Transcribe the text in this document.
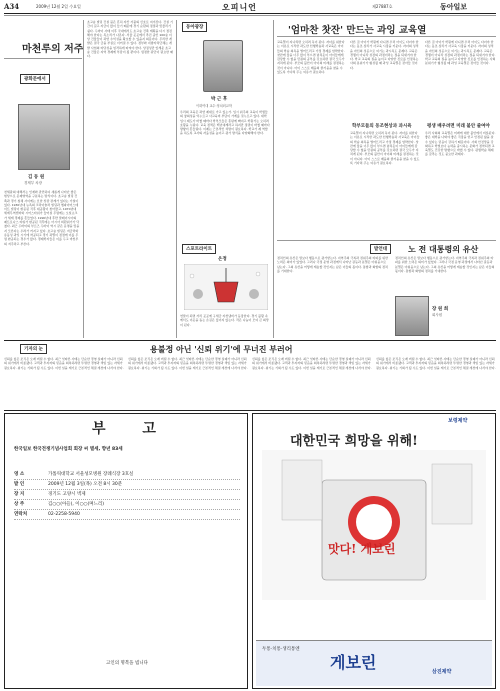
A34	2009년 12월 2일 수요일	오피니언	제27887호	동아일보
마천루의 저주
광화문에서
김 동 원
경제부 차장
천세판의 대해서는 인재와 관련하여 새롭게 나타난 좋은 현상으로 문제영역을 구분하는 방식이다. 초고층 빌딩 건축과 경기 침체 사이에는 묘한 상관 관계가 있다는 가설이 있다. 1930년대 뉴욕의 크라이슬러 빌딩과 엠파이어스테이트 빌딩이 완공된 직후 대공황이 찾아왔고, 1970년대 세계무역센터와 시어스타워가 들어설 무렵에는 오일쇼크가 세계 경제를 흔들었다. 1990년대 후반 말레이시아의 페트로나스 타워가 완공된 직후에는 아시아 외환위기가 닥쳤다. 최근 두바이의 부르즈 두바이 역시 같은 운명을 맞을지 모른다는 우려가 커지고 있다. 초고층 빌딩은 저금리와 유동성 과잉 시기에 착공되고 경기 과열이 정점에 이를 무렵 완공되는 경우가 많다. 경제학자들은 이를 두고 마천루의 저주라고 부른다.
초고층 빌딩 건설 붐은 흔히 자산 거품의 신호로 여겨진다. 건설 기간이 길고 자금이 많이 들기 때문에 경기 순환의 정점과 맞물리기 쉽다. 두바이 사태 이후 국내에서도 초고층 건축 계획을 다시 점검해야 한다는 목소리가 나온다. 서울 곳곳에서 추진 중인 100층 이상 건물들이 과연 수익성을 확보할 수 있을지 의문이다. 무리한 개발은 결국 금융 부실로 이어질 수 있다. 정부와 지방자치단체는 개발 사업의 타당성을 엄격하게 따져야 한다. 상징성만 앞세운 초고층 건물은 지역 경제에 부담이 될 뿐이다. 냉정한 판단이 필요한 때다.
동아광장
박 근 후
이화여대 교수·정치외교학
우리의 교육은 과연 제대로 가고 있는가. 입시 위주의 교육이 학생들의 창의성을 억누르고 사교육비 부담이 가계를 짓누르고 있다. 대학 입시 제도가 바뀔 때마다 학부모들은 혼란에 빠지고 학원가는 오히려 호황을 누린다. 교육 정책은 백년대계라고 하지만 정권이 바뀔 때마다 방향이 흔들린다. 이제는 근본적인 처방이 필요하다. 학교가 제 역할을 하도록 교사의 자율성을 높이고 평가 방식을 다양화해야 한다.
스포트라이트
온정
연말이 되면 거리 곳곳에 구세군 자선냄비가 등장한다. 경기 불황 속에서도 이웃을 돕는 손길은 끊이지 않는다. 작은 나눔이 모여 큰 희망이 된다.
'엄마찬 찻잔' 만드는 과잉 교육열
교육열이 지나치면 오히려 독이 된다. 자녀를 위한다는 이유로 시작한 과도한 선행학습과 사교육은 아이들의 학습 의욕을 떨어뜨리고 가정 경제를 압박한다. 찻잔에 물을 너무 많이 부으면 넘치듯이 아이들에게 감당할 수 없을 만큼의 공부를 강요하면 결국 모두가 지치게 된다. 부모의 불안이 아이의 미래를 결정하는 것이 아니다. 아이 스스로 배움의 즐거움을 찾을 수 있도록 기다려 주는 여유가 필요하다.
다른 집 아이가 학원에 다니면 우리 아이도 다녀야 한다는 동조 심리가 사교육 시장을 키운다. 자녀의 성적을 자신의 성공으로 여기는 과시욕도 문제다. 교육은 경쟁이 아니라 성장의 과정이라는 점을 되새겨야 한다. 학교 교육의 질을 높이고 다양한 진로를 인정하는 사회 분위기가 형성될 때 과잉 교육열은 잦아들 것이다.
학부모들의 동조현상과 과시욕
교육열이 지나치면 오히려 독이 된다. 자녀를 위한다는 이유로 시작한 과도한 선행학습과 사교육은 아이들의 학습 의욕을 떨어뜨리고 가정 경제를 압박한다. 찻잔에 물을 너무 많이 부으면 넘치듯이 아이들에게 감당할 수 없을 만큼의 공부를 강요하면 결국 모두가 지치게 된다. 부모의 불안이 아이의 미래를 결정하는 것이 아니다. 아이 스스로 배움의 즐거움을 찾을 수 있도록 기다려 주는 여유가 필요하다.
다른 집 아이가 학원에 다니면 우리 아이도 다녀야 한다는 동조 심리가 사교육 시장을 키운다. 자녀의 성적을 자신의 성공으로 여기는 과시욕도 문제다. 교육은 경쟁이 아니라 성장의 과정이라는 점을 되새겨야 한다. 학교 교육의 질을 높이고 다양한 진로를 인정하는 사회 분위기가 형성될 때 과잉 교육열은 잦아들 것이다.
평생 배우려면 미래 불안 줄여야
우리 사회의 교육열은 미래에 대한 불안에서 비롯된다. 좋은 대학을 나와야 좋은 직장을 얻고 안정된 삶을 살 수 있다는 믿음이 강하기 때문이다. 사회 안전망을 강화하고 학벌보다 능력을 중시하는 문화가 정착되면 교육열도 건강한 방향으로 바뀔 수 있다. 평생학습 체제를 갖추는 것도 중요한 과제다.
발언대	노 전 대통령의 유산
장 원 희
회사원
정치인의 유산은 말보다 행동으로 평가받는다. 지역주의 극복과 권위주의 타파를 위한 노력은 의미가 있었다. 그러나 국정 운영 과정에서 나타난 갈등과 분열은 아쉬움으로 남는다. 그의 유산을 어떻게 계승할 것인지는 남은 이들의 몫이다. 통합과 화합의 정치를 기대한다.
정치인의 유산은 말보다 행동으로 평가받는다. 지역주의 극복과 권위주의 타파를 위한 노력은 의미가 있었다. 그러나 국정 운영 과정에서 나타난 갈등과 분열은 아쉬움으로 남는다. 그의 유산을 어떻게 계승할 것인지는 남은 이들의 몫이다. 통합과 화합의 정치를 기대한다.
기자의 눈	용불정 아닌 '신뢰 위기'에 무너진 부러어
신뢰를 잃은 조직은 오래 버틸 수 없다. 최근 잇따른 사태는 단순한 경영 실패가 아니라 신뢰의 위기에서 비롯됐다. 고객과 투자자의 믿음을 회복하려면 투명한 경영과 책임 있는 자세가 필요하다. 위기는 기회가 될 수도 있다. 이번 일을 계기로 근본적인 체질 개선에 나서야 한다.
신뢰를 잃은 조직은 오래 버틸 수 없다. 최근 잇따른 사태는 단순한 경영 실패가 아니라 신뢰의 위기에서 비롯됐다. 고객과 투자자의 믿음을 회복하려면 투명한 경영과 책임 있는 자세가 필요하다. 위기는 기회가 될 수도 있다. 이번 일을 계기로 근본적인 체질 개선에 나서야 한다.
신뢰를 잃은 조직은 오래 버틸 수 없다. 최근 잇따른 사태는 단순한 경영 실패가 아니라 신뢰의 위기에서 비롯됐다. 고객과 투자자의 믿음을 회복하려면 투명한 경영과 책임 있는 자세가 필요하다. 위기는 기회가 될 수도 있다. 이번 일을 계기로 근본적인 체질 개선에 나서야 한다.
신뢰를 잃은 조직은 오래 버틸 수 없다. 최근 잇따른 사태는 단순한 경영 실패가 아니라 신뢰의 위기에서 비롯됐다. 고객과 투자자의 믿음을 회복하려면 투명한 경영과 책임 있는 자세가 필요하다. 위기는 기회가 될 수도 있다. 이번 일을 계기로 근본적인 체질 개선에 나서야 한다.
부 고
한국일보 한국전쟁기념사업회 회장 씨 별세, 향년 83세
영 소	가톨릭대학교 서울성모병원 장례식장 3호실
발 인	2009년 12월 3일(목) 오전 8시 30분
장 지	경기도 고양시 벽제
상 주	김○○(아들), 이○○(며느리)
연락처	02-2258-5940
고인의 명복을 빕니다
보령제약
대한민국 희망을 위해!
맛다! 게보린
두통·치통·생리통엔
게보린	삼진제약
